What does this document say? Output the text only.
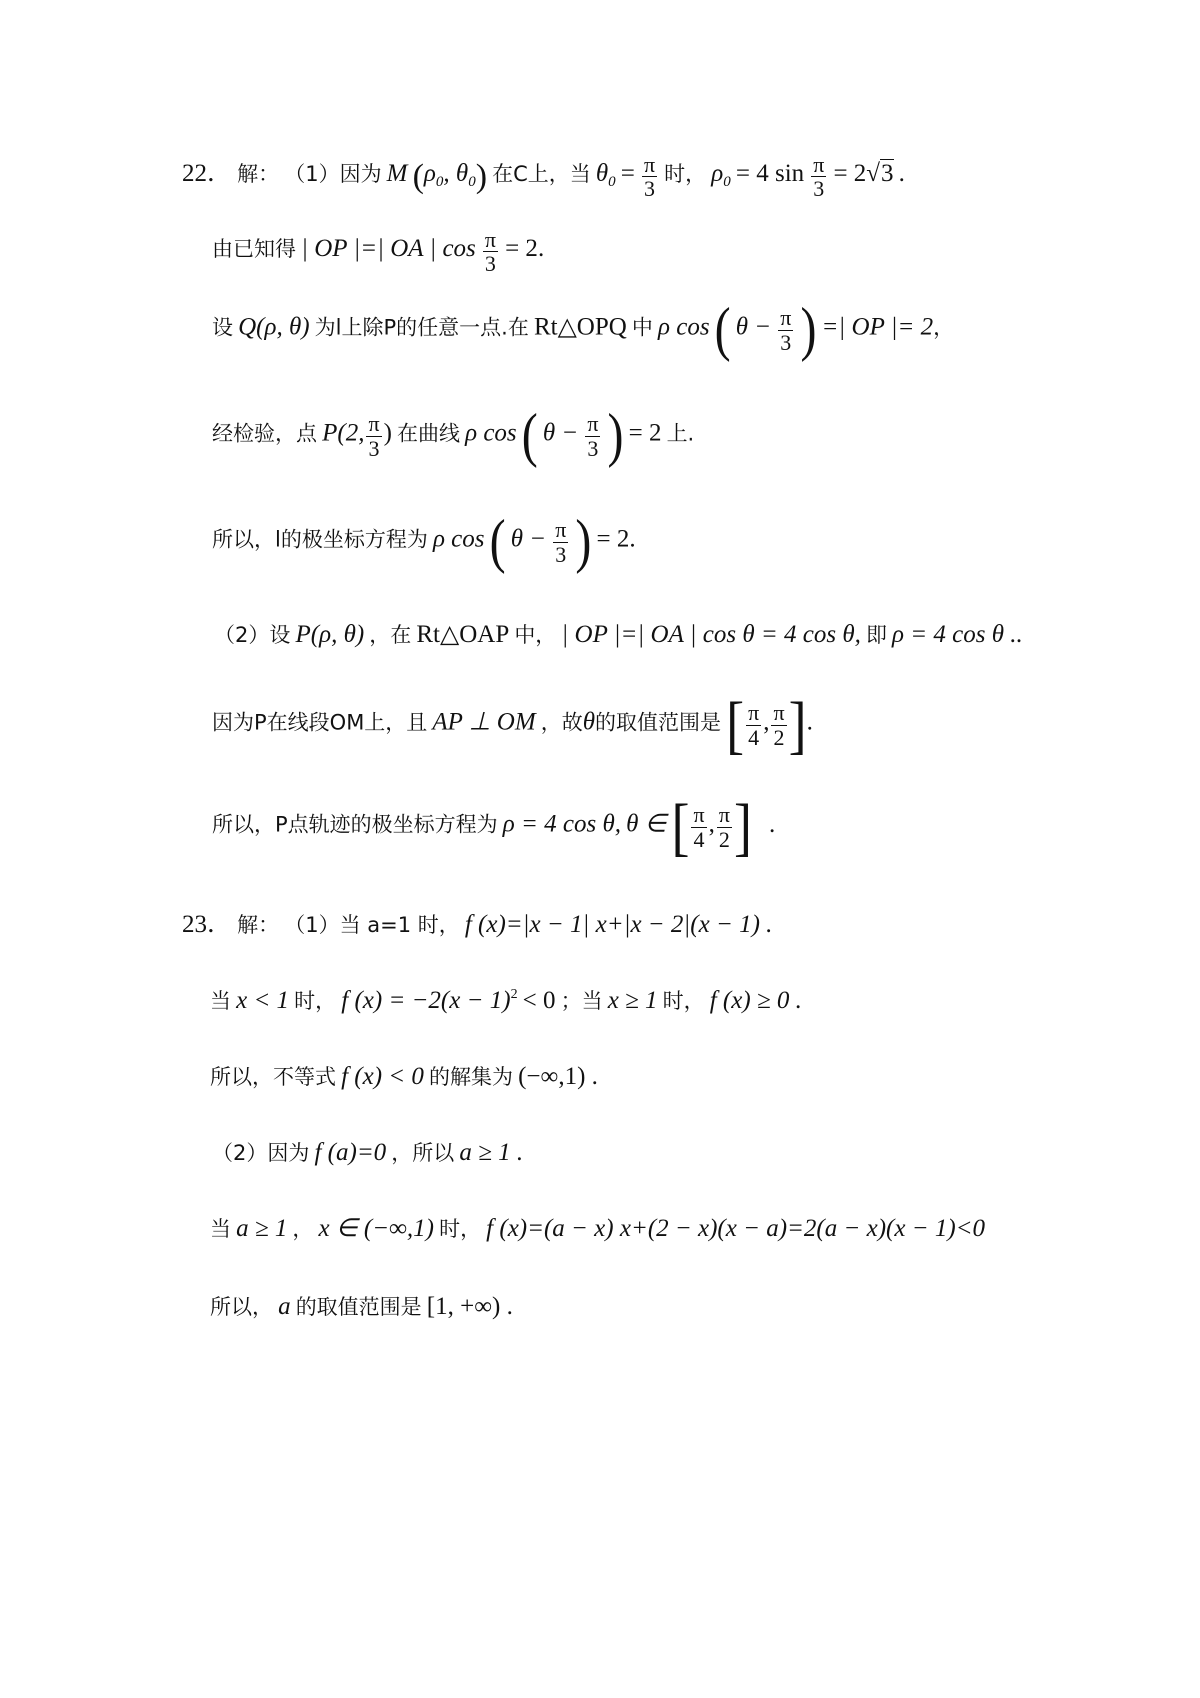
22． 解： （1）因为 M ($\rho_0$, $\theta_0$) 在C上，当 $\theta_0 = \frac{\pi}{3}$ 时， $\rho_0 = 4$ $\sin \frac{\pi}{3} = 2√3$ .
由已知得 | OP |=| OA | $\cos \frac{\pi}{3} = 2$.
设 Q(ρ, θ) 为l上除P的任意一点.在 Rt△OPQ 中 ρ cos ( $\theta - \frac{\pi}{3}$ ) =| OP |= 2，
经检验，点 P(2, $\frac{\pi}{3}$ ) 在曲线 ρ cos ( $\theta - \frac{\pi}{3}$ ) = 2 上.
所以，l的极坐标方程为 ρ cos ( $\theta - \frac{\pi}{3}$ ) = 2.
（2）设 P(ρ, θ) ，在 Rt△OAP 中， | OP |=| OA | cos θ = 4 cos θ, 即 ρ = 4 cos θ ..
因为P在线段OM上，且 AP ⊥ OM ，故θ的取值范围是 [ $\frac{\pi}{4}$ , $\frac{\pi}{2}$ ].
所以，P点轨迹的极坐标方程为 ρ = 4 cos θ, θ ∈ [ $\frac{\pi}{4}$ , $\frac{\pi}{2}$ ] .
23． 解： （1）当 a=1 时， f (x)=|x − 1| x+|x − 2|(x − 1) .
当 x < 1 时， f (x) = −2(x − 1)2 < 0 ；当 x ≥ 1 时， f (x) ≥ 0 .
所以，不等式 f (x) < 0 的解集为 (−∞,1) .
（2）因为 f (a)=0 ，所以 a ≥ 1 .
当 a ≥ 1 ， x ∈ (−∞,1) 时， f (x)=(a − x) x+(2 − x)(x − a)=2(a − x)(x − 1)<0
所以， a 的取值范围是 [1, +∞) .
